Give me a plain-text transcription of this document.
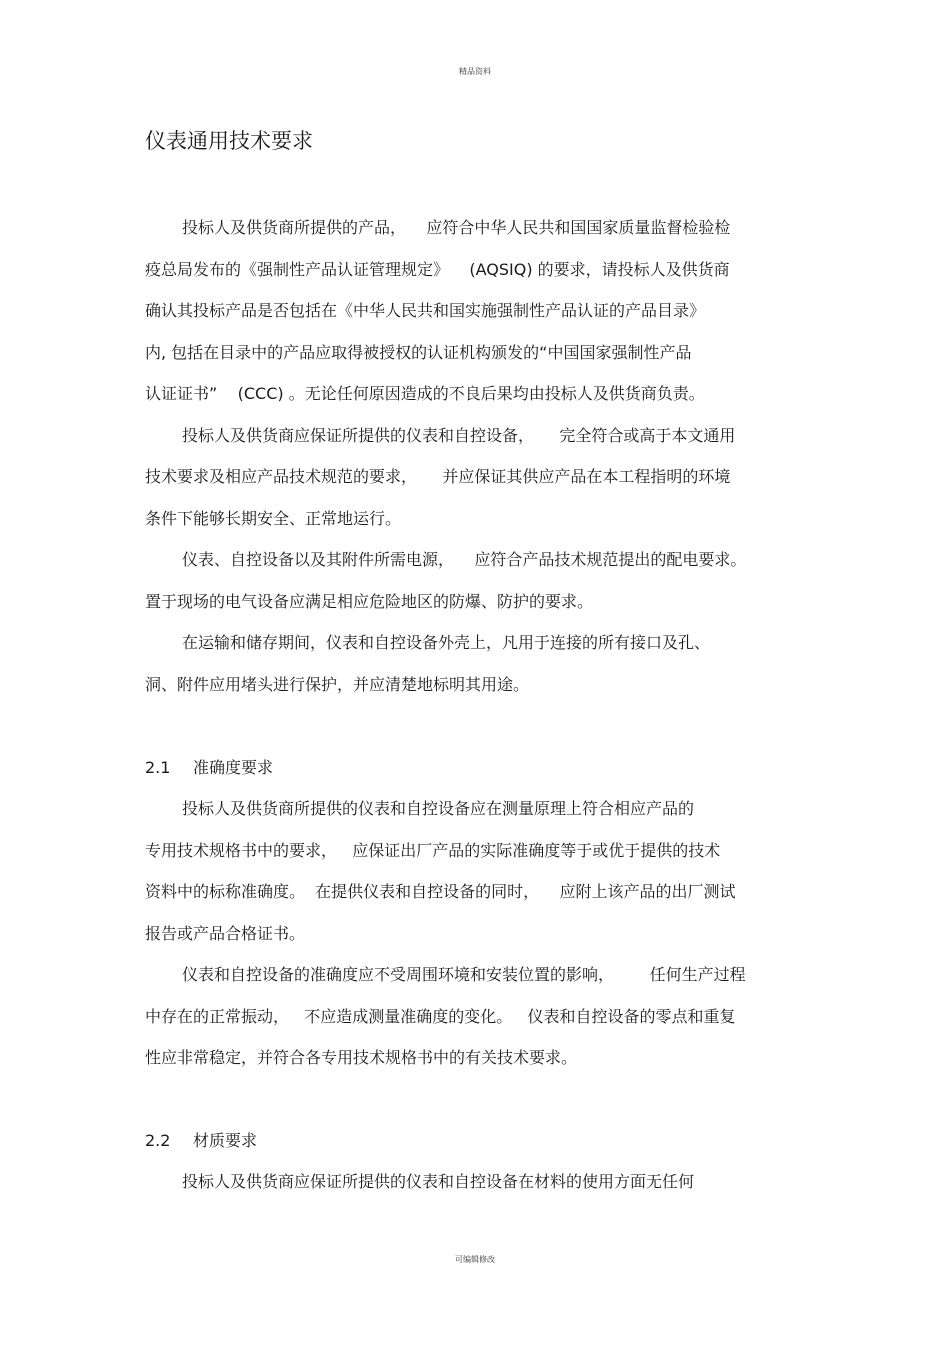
精品资料
仪表通用技术要求
投标人及供货商所提供的产品，    应符合中华人民共和国国家质量监督检验检
疫总局发布的《强制性产品认证管理规定》    (AQSIQ) 的要求，请投标人及供货商
确认其投标产品是否包括在《中华人民共和国实施强制性产品认证的产品目录》
内, 包括在目录中的产品应取得被授权的认证机构颁发的“中国国家强制性产品
认证证书”    (CCC) 。无论任何原因造成的不良后果均由投标人及供货商负责。
投标人及供货商应保证所提供的仪表和自控设备，     完全符合或高于本文通用
技术要求及相应产品技术规范的要求，     并应保证其供应产品在本工程指明的环境
条件下能够长期安全、正常地运行。
仪表、自控设备以及其附件所需电源，    应符合产品技术规范提出的配电要求。
置于现场的电气设备应满足相应危险地区的防爆、防护的要求。
在运输和储存期间，仪表和自控设备外壳上，凡用于连接的所有接口及孔、
洞、附件应用堵头进行保护，并应清楚地标明其用途。
2.1 准确度要求
投标人及供货商所提供的仪表和自控设备应在测量原理上符合相应产品的
专用技术规格书中的要求，   应保证出厂产品的实际准确度等于或优于提供的技术
资料中的标称准确度。  在提供仪表和自控设备的同时，    应附上该产品的出厂测试
报告或产品合格证书。
仪表和自控设备的准确度应不受周围环境和安装位置的影响，       任何生产过程
中存在的正常振动，   不应造成测量准确度的变化。   仪表和自控设备的零点和重复
性应非常稳定，并符合各专用技术规格书中的有关技术要求。
2.2 材质要求
投标人及供货商应保证所提供的仪表和自控设备在材料的使用方面无任何
可编辑修改
